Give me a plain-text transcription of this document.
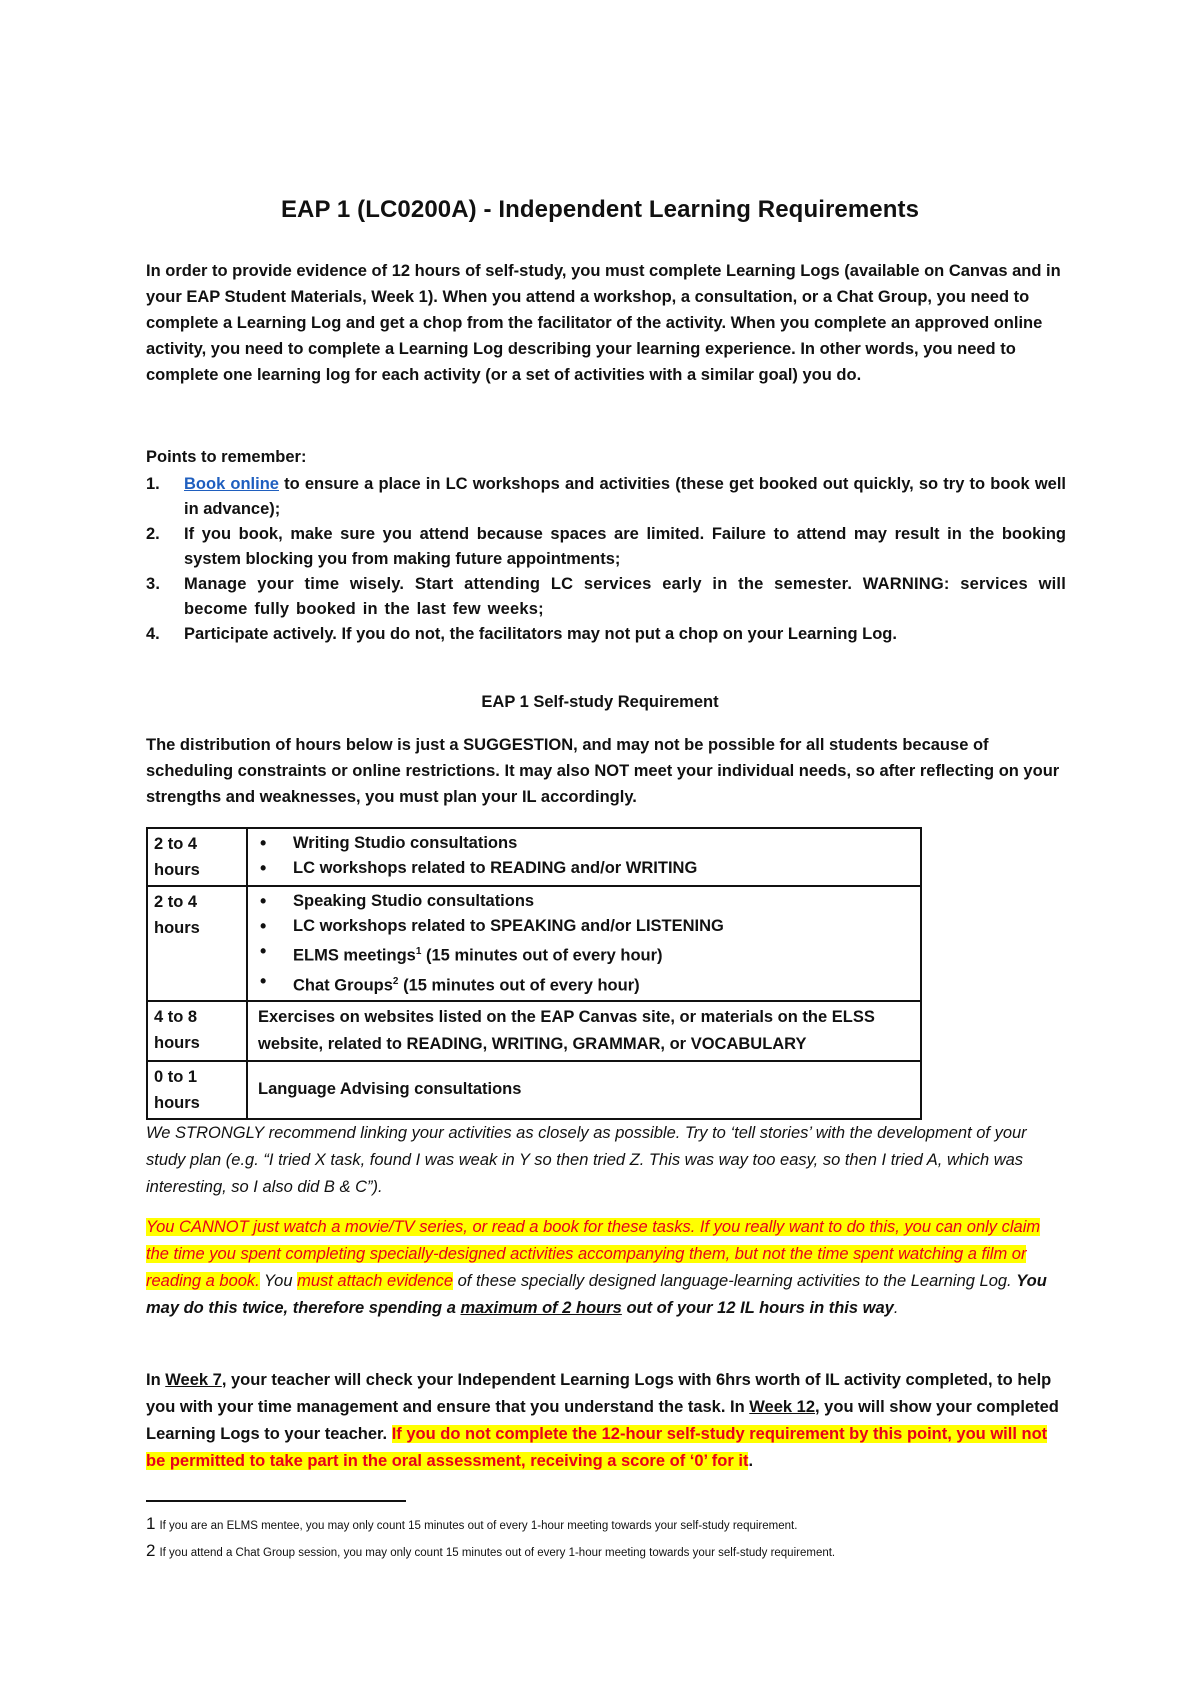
EAP 1 (LC0200A) - Independent Learning Requirements

In order to provide evidence of 12 hours of self-study, you must complete Learning Logs (available on Canvas and in your EAP Student Materials, Week 1). When you attend a workshop, a consultation, or a Chat Group, you need to complete a Learning Log and get a chop from the facilitator of the activity. When you complete an approved online activity, you need to complete a Learning Log describing your learning experience. In other words, you need to complete one learning log for each activity (or a set of activities with a similar goal) you do.

Points to remember:

1. Book online to ensure a place in LC workshops and activities (these get booked out quickly, so try to book well in advance);
2. If you book, make sure you attend because spaces are limited. Failure to attend may result in the booking system blocking you from making future appointments;
3. Manage your time wisely. Start attending LC services early in the semester. WARNING: services will become fully booked in the last few weeks;
4. Participate actively. If you do not, the facilitators may not put a chop on your Learning Log.

EAP 1 Self-study Requirement

The distribution of hours below is just a SUGGESTION, and may not be possible for all students because of scheduling constraints or online restrictions. It may also NOT meet your individual needs, so after reflecting on your strengths and weaknesses, you must plan your IL accordingly.

2 to 4 hours	• Writing Studio consultations
• LC workshops related to READING and/or WRITING

2 to 4 hours	• Speaking Studio consultations
• LC workshops related to SPEAKING and/or LISTENING
• ELMS meetings$^1$ (15 minutes out of every hour)
• Chat Groups$^2$ (15 minutes out of every hour)

4 to 8 hours	Exercises on websites listed on the EAP Canvas site, or materials on the ELSS website, related to READING, WRITING, GRAMMAR, or VOCABULARY
0 to 1 hours	Language Advising consultations

We STRONGLY recommend linking your activities as closely as possible. Try to ‘tell stories’ with the development of your study plan (e.g. “I tried X task, found I was weak in Y so then tried Z. This was way too easy, so then I tried A, which was interesting, so I also did B & C”).

You CANNOT just watch a movie/TV series, or read a book for these tasks. If you really want to do this, you can only claim the time you spent completing specially-designed activities accompanying them, but not the time spent watching a film or reading a book. You must attach evidence of these specially designed language-learning activities to the Learning Log. You may do this twice, therefore spending a maximum of 2 hours out of your 12 IL hours in this way.

In Week 7, your teacher will check your Independent Learning Logs with 6hrs worth of IL activity completed, to help you with your time management and ensure that you understand the task. In Week 12, you will show your completed Learning Logs to your teacher. If you do not complete the 12-hour self-study requirement by this point, you will not be permitted to take part in the oral assessment, receiving a score of ‘0’ for it.

1 If you are an ELMS mentee, you may only count 15 minutes out of every 1-hour meeting towards your self-study requirement.

2 If you attend a Chat Group session, you may only count 15 minutes out of every 1-hour meeting towards your self-study requirement.
